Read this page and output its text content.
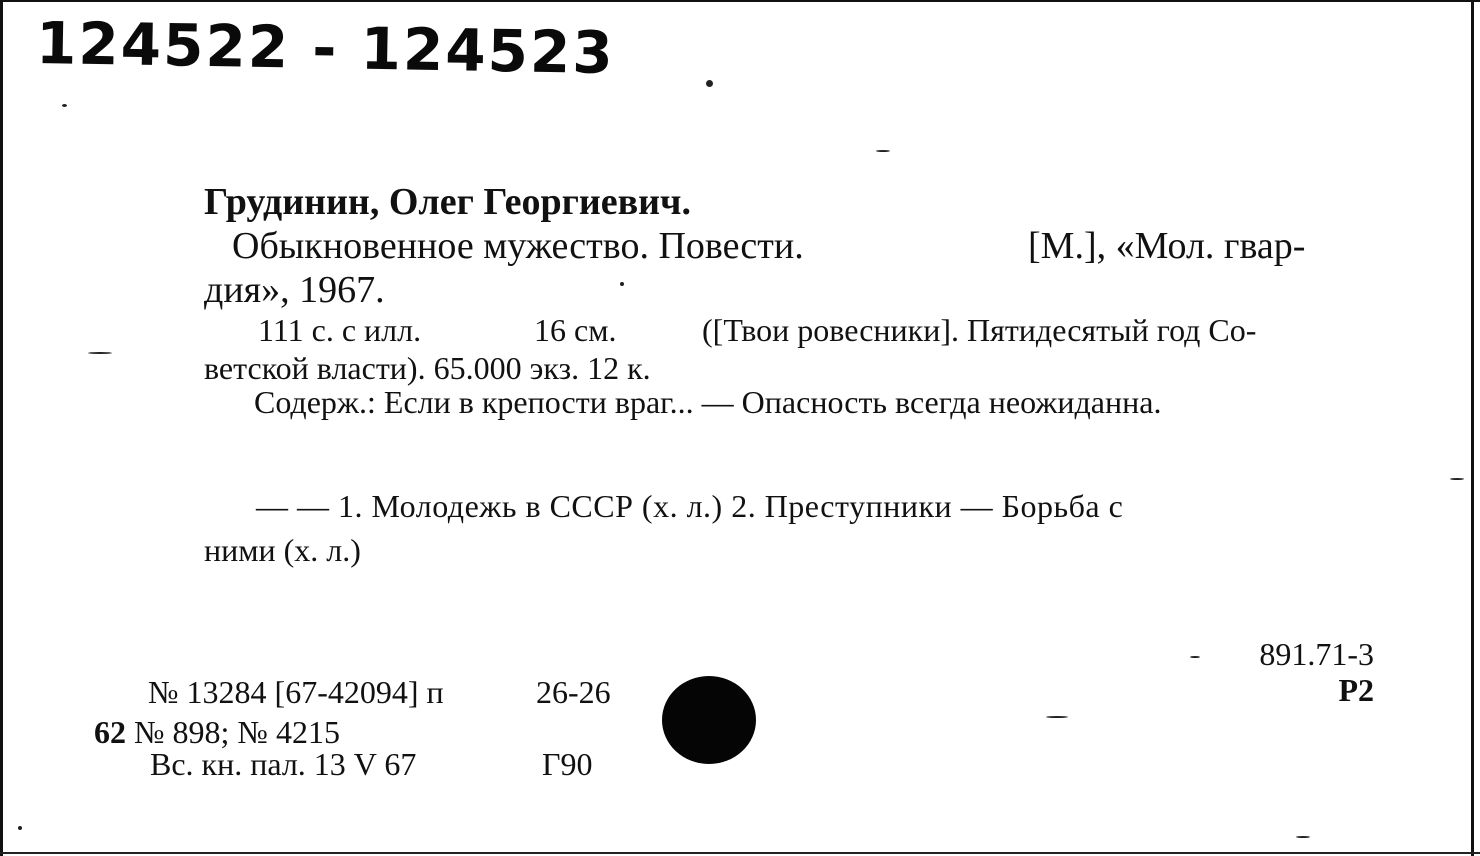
124522 - 124523
Грудинин, Олег Георгиевич.
Обыкновенное мужество. Повести.	[М.], «Мол. гвар-
дия», 1967.
111 с. с илл.	16 см.	([Твои ровесники]. Пятидесятый год Со-
ветской власти). 65.000 экз. 12 к.
Содерж.: Если в крепости враг... — Опасность всегда неожиданна.
— — 1. Молодежь в СССР (х. л.) 2. Преступники — Борьба с
ними (х. л.)
891.71-3
Р2
№ 13284 [67-42094] п	26-26
62 № 898; № 4215
Вс. кн. пал. 13 V 67	Г90
